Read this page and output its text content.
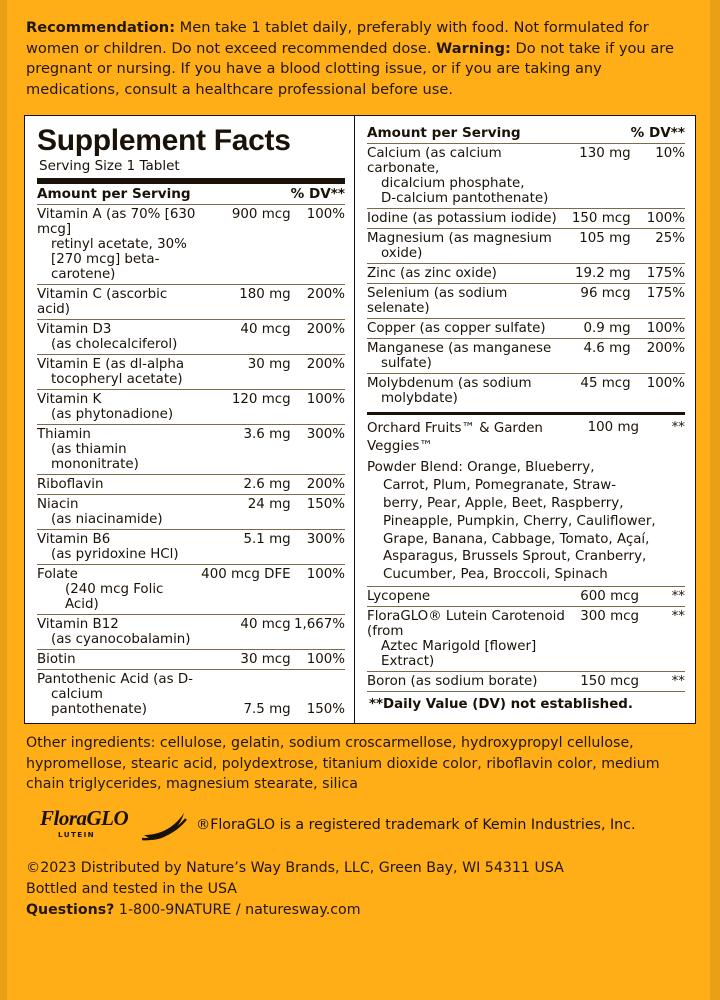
Recommendation: Men take 1 tablet daily, preferably with food. Not formulated for women or children. Do not exceed recommended dose. Warning: Do not take if you are pregnant or nursing. If you have a blood clotting issue, or if you are taking any medications, consult a healthcare professional before use.

Supplement Facts
Serving Size 1 Tablet
Amount per Serving		% DV**
Vitamin A (as 70% [630 mcg]
retinyl acetate, 30%
[270 mcg] beta-carotene)	900 mcg	100%
Vitamin C (ascorbic acid)	180 mg	200%
Vitamin D3
(as cholecalciferol)	40 mcg	200%
Vitamin E (as dl-alpha
tocopheryl acetate)	30 mg	200%
Vitamin K
(as phytonadione)	120 mcg	100%
Thiamin
(as thiamin mononitrate)	3.6 mg	300%
Riboflavin	2.6 mg	200%
Niacin
(as niacinamide)	24 mg	150%
Vitamin B6
(as pyridoxine HCl)	5.1 mg	300%
Folate
(240 mcg Folic Acid)	400 mcg DFE	100%
Vitamin B12
(as cyanocobalamin)	40 mcg	1,667%
Biotin	30 mcg	100%
Pantothenic Acid (as D-
calcium pantothenate)	7.5 mg	150%
Amount per Serving		% DV**
Calcium (as calcium carbonate,
dicalcium phosphate,
D-calcium pantothenate)	130 mg	10%
Iodine (as potassium iodide)	150 mcg	100%
Magnesium (as magnesium
oxide)	105 mg	25%
Zinc (as zinc oxide)	19.2 mg	175%
Selenium (as sodium selenate)	96 mcg	175%
Copper (as copper sulfate)	0.9 mg	100%
Manganese (as manganese
sulfate)	4.6 mg	200%
Molybdenum (as sodium
molybdate)	45 mcg	100%
Orchard Fruits™ & Garden Veggies™	100 mg	**
Powder Blend: Orange, Blueberry,
Carrot, Plum, Pomegranate, Straw-
berry, Pear, Apple, Beet, Raspberry,
Pineapple, Pumpkin, Cherry, Cauliflower,
Grape, Banana, Cabbage, Tomato, Açaí,
Asparagus, Brussels Sprout, Cranberry,
Cucumber, Pea, Broccoli, Spinach

Lycopene	600 mcg	**
FloraGLO® Lutein Carotenoid (from
Aztec Marigold [flower] Extract)	300 mcg	**
Boron (as sodium borate)	150 mcg	**
**Daily Value (DV) not established.

Other ingredients: cellulose, gelatin, sodium croscarmellose, hydroxypropyl cellulose, hypromellose, stearic acid, polydextrose, titanium dioxide color, riboflavin color, medium chain triglycerides, magnesium stearate, silica

FloraGLO
LUTEIN
®FloraGLO is a registered trademark of Kemin Industries, Inc.
©2023 Distributed by Nature’s Way Brands, LLC, Green Bay, WI 54311 USA
Bottled and tested in the USA
Questions? 1-800-9NATURE / naturesway.com
